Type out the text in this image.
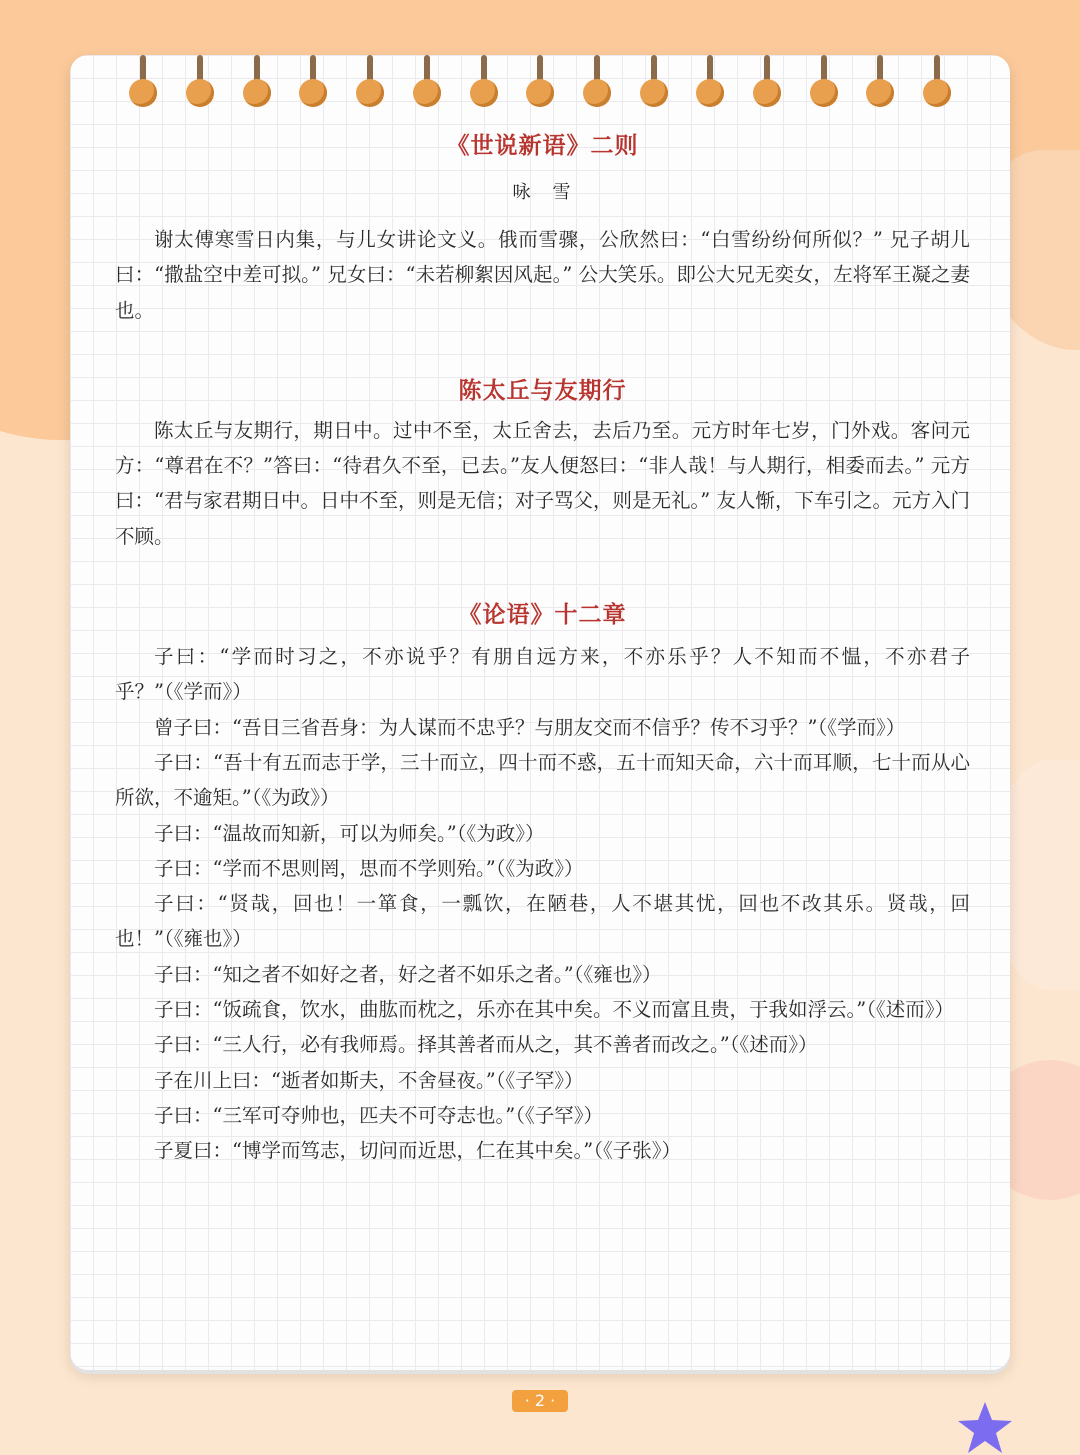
《世说新语》二则
咏雪

谢太傅寒雪日内集，与儿女讲论文义。俄而雪骤，公欣然曰：“白雪纷纷何所似？” 兄子胡儿曰：“撒盐空中差可拟。” 兄女曰：“未若柳絮因风起。” 公大笑乐。即公大兄无奕女，左将军王凝之妻也。

陈太丘与友期行

陈太丘与友期行，期日中。过中不至，太丘舍去，去后乃至。元方时年七岁，门外戏。客问元方：“尊君在不？”答曰：“待君久不至，已去。”友人便怒曰：“非人哉！与人期行，相委而去。” 元方曰：“君与家君期日中。日中不至，则是无信；对子骂父，则是无礼。” 友人惭，下车引之。元方入门不顾。

《论语》十二章

子曰：“学而时习之，不亦说乎？有朋自远方来，不亦乐乎？人不知而不愠，不亦君子乎？”（《学而》）

曾子曰：“吾日三省吾身：为人谋而不忠乎？与朋友交而不信乎？传不习乎？”（《学而》）

子曰：“吾十有五而志于学，三十而立，四十而不惑，五十而知天命，六十而耳顺，七十而从心所欲，不逾矩。”（《为政》）

子曰：“温故而知新，可以为师矣。”（《为政》）

子曰：“学而不思则罔，思而不学则殆。”（《为政》）

子曰：“贤哉，回也！一箪食，一瓢饮，在陋巷，人不堪其忧，回也不改其乐。贤哉，回也！”（《雍也》）

子曰：“知之者不如好之者，好之者不如乐之者。”（《雍也》）

子曰：“饭疏食，饮水，曲肱而枕之，乐亦在其中矣。不义而富且贵，于我如浮云。”（《述而》）

子曰：“三人行，必有我师焉。择其善者而从之，其不善者而改之。”（《述而》）

子在川上曰：“逝者如斯夫，不舍昼夜。”（《子罕》）

子曰：“三军可夺帅也，匹夫不可夺志也。”（《子罕》）

子夏曰：“博学而笃志，切问而近思，仁在其中矣。”（《子张》）

· 2 ·
